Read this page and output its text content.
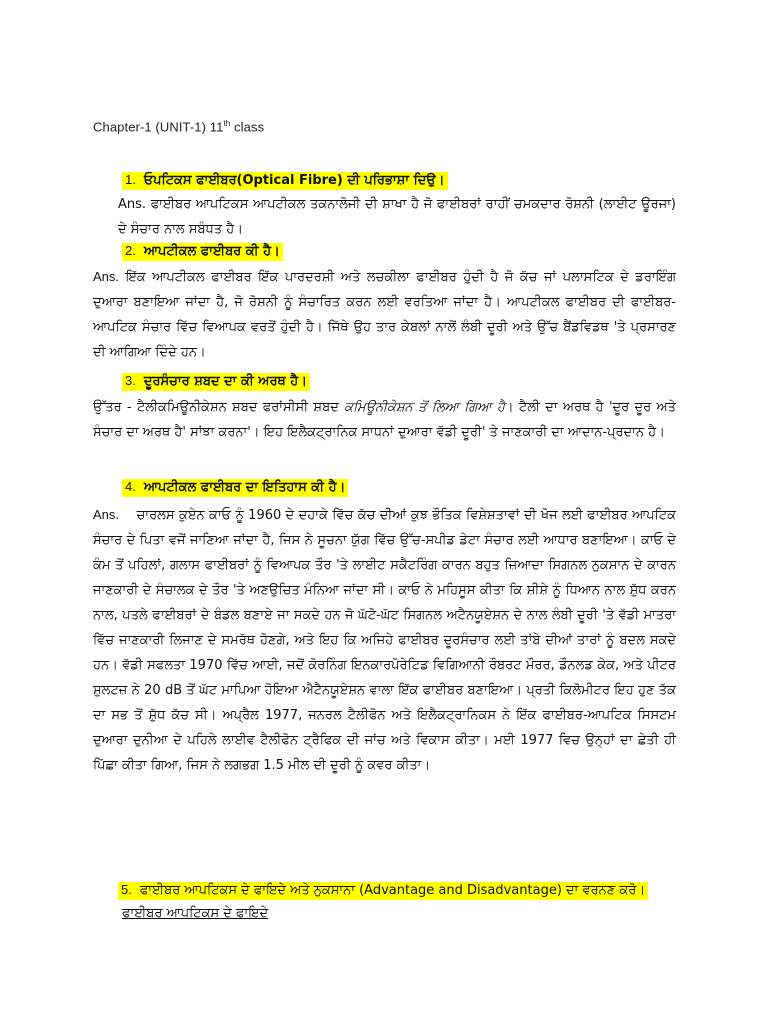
Chapter-1 (UNIT-1) 11th class
1. ਓਪਟਿਕਸ ਫਾਈਬਰ(Optical Fibre) ਦੀ ਪਰਿਭਾਸ਼ਾ ਦਿਉ।
Ans. ਫਾਈਬਰ ਆਪਟਿਕਸ ਆਪਟੀਕਲ ਤਕਨਾਲੋਜੀ ਦੀ ਸ਼ਾਖਾ ਹੈ ਜੋ ਫਾਈਬਰਾਂ ਰਾਹੀਂ ਚਮਕਦਾਰ ਰੋਸ਼ਨੀ (ਲਾਈਟ ਊਰਜਾ) ਦੇ ਸੰਚਾਰ ਨਾਲ ਸਬੰਧਤ ਹੈ।
2. ਆਪਟੀਕਲ ਫਾਈਬਰ ਕੀ ਹੈ।
Ans. ਇੱਕ ਆਪਟੀਕਲ ਫਾਈਬਰ ਇੱਕ ਪਾਰਦਰਸ਼ੀ ਅਤੇ ਲਚਕੀਲਾ ਫਾਈਬਰ ਹੁੰਦੀ ਹੈ ਜੋ ਕੱਚ ਜਾਂ ਪਲਾਸਟਿਕ ਦੇ ਡਰਾਇੰਗ ਦੁਆਰਾ ਬਣਾਇਆ ਜਾਂਦਾ ਹੈ, ਜੋ ਰੋਸ਼ਨੀ ਨੂੰ ਸੰਚਾਰਿਤ ਕਰਨ ਲਈ ਵਰਤਿਆ ਜਾਂਦਾ ਹੈ। ਆਪਟੀਕਲ ਫਾਈਬਰ ਦੀ ਫਾਈਬਰ-ਆਪਟਿਕ ਸੰਚਾਰ ਵਿੱਚ ਵਿਆਪਕ ਵਰਤੋਂ ਹੁੰਦੀ ਹੈ। ਜਿੱਥੇ ਉਹ ਤਾਰ ਕੇਬਲਾਂ ਨਾਲੋਂ ਲੰਬੀ ਦੂਰੀ ਅਤੇ ਉੱਚ ਬੈਂਡਵਿਡਥ 'ਤੇ ਪ੍ਰਸਾਰਣ ਦੀ ਆਗਿਆ ਦਿੰਦੇ ਹਨ।
3. ਦੂਰਸੰਚਾਰ ਸ਼ਬਦ ਦਾ ਕੀ ਅਰਥ ਹੈ।
ਉੱਤਰ - ਟੈਲੀਕਮਿਊਨੀਕੇਸ਼ਨ ਸ਼ਬਦ ਫਰਾਂਸੀਸੀ ਸ਼ਬਦ ਕਮਿਊਨੀਕੇਸ਼ਨ ਤੋਂ ਲਿਆ ਗਿਆ ਹੈ। ਟੈਲੀ ਦਾ ਅਰਥ ਹੈ 'ਦੂਰ ਦੂਰ ਅਤੇ ਸੰਚਾਰ ਦਾ ਅਰਥ ਹੈ' ਸਾਂਝਾ ਕਰਨਾ'। ਇਹ ਇਲੈਕਟ੍ਰਾਨਿਕ ਸਾਧਨਾਂ ਦੁਆਰਾ ਵੱਡੀ ਦੂਰੀ' ਤੇ ਜਾਣਕਾਰੀ ਦਾ ਆਦਾਨ-ਪ੍ਰਦਾਨ ਹੈ।
4. ਆਪਟੀਕਲ ਫਾਈਬਰ ਦਾ ਇਤਿਹਾਸ ਕੀ ਹੈ।
Ans. ਚਾਰਲਸ ਕੁਏਨ ਕਾਓ ਨੂੰ 1960 ਦੇ ਦਹਾਕੇ ਵਿੱਚ ਕੱਚ ਦੀਆਂ ਕੁਝ ਭੌਤਿਕ ਵਿਸ਼ੇਸ਼ਤਾਵਾਂ ਦੀ ਖੋਜ ਲਈ ਫਾਈਬਰ ਆਪਟਿਕ ਸੰਚਾਰ ਦੇ ਪਿਤਾ ਵਜੋਂ ਜਾਣਿਆ ਜਾਂਦਾ ਹੈ, ਜਿਸ ਨੇ ਸੂਚਨਾ ਯੁੱਗ ਵਿੱਚ ਉੱਚ-ਸਪੀਡ ਡੇਟਾ ਸੰਚਾਰ ਲਈ ਆਧਾਰ ਬਣਾਇਆ। ਕਾਓ ਦੇ ਕੰਮ ਤੋਂ ਪਹਿਲਾਂ, ਗਲਾਸ ਫਾਈਬਰਾਂ ਨੂੰ ਵਿਆਪਕ ਤੌਰ 'ਤੇ ਲਾਈਟ ਸਕੈਟਰਿੰਗ ਕਾਰਨ ਬਹੁਤ ਜ਼ਿਆਦਾ ਸਿਗਨਲ ਨੁਕਸਾਨ ਦੇ ਕਾਰਨ ਜਾਣਕਾਰੀ ਦੇ ਸੰਚਾਲਕ ਦੇ ਤੌਰ 'ਤੇ ਅਣਉਚਿਤ ਮੰਨਿਆ ਜਾਂਦਾ ਸੀ। ਕਾਓ ਨੇ ਮਹਿਸੂਸ ਕੀਤਾ ਕਿ ਸ਼ੀਸ਼ੇ ਨੂੰ ਧਿਆਨ ਨਾਲ ਸ਼ੁੱਧ ਕਰਨ ਨਾਲ, ਪਤਲੇ ਫਾਈਬਰਾਂ ਦੇ ਬੰਡਲ ਬਣਾਏ ਜਾ ਸਕਦੇ ਹਨ ਜੋ ਘੱਟੋ-ਘੱਟ ਸਿਗਨਲ ਅਟੈਨਯੂਏਸ਼ਨ ਦੇ ਨਾਲ ਲੰਬੀ ਦੂਰੀ 'ਤੇ ਵੱਡੀ ਮਾਤਰਾ ਵਿੱਚ ਜਾਣਕਾਰੀ ਲਿਜਾਣ ਦੇ ਸਮਰੱਥ ਹੋਣਗੇ, ਅਤੇ ਇਹ ਕਿ ਅਜਿਹੇ ਫਾਈਬਰ ਦੂਰਸੰਚਾਰ ਲਈ ਤਾਂਬੇ ਦੀਆਂ ਤਾਰਾਂ ਨੂੰ ਬਦਲ ਸਕਦੇ ਹਨ। ਵੱਡੀ ਸਫਲਤਾ 1970 ਵਿੱਚ ਆਈ, ਜਦੋਂ ਕੋਰਨਿੰਗ ਇਨਕਾਰਪੋਰੇਟਿਡ ਵਿਗਿਆਨੀ ਰੌਬਰਟ ਮੌਰਰ, ਡੌਨਲਡ ਕੇਕ, ਅਤੇ ਪੀਟਰ ਸ਼ੁਲਟਜ਼ ਨੇ 20 dB ਤੋਂ ਘੱਟ ਮਾਪਿਆ ਹੋਇਆ ਐਟੈਨਯੂਏਸ਼ਨ ਵਾਲਾ ਇੱਕ ਫਾਈਬਰ ਬਣਾਇਆ। ਪ੍ਰਤੀ ਕਿਲੋਮੀਟਰ ਇਹ ਹੁਣ ਤੱਕ ਦਾ ਸਭ ਤੋਂ ਸ਼ੁੱਧ ਕੱਚ ਸੀ। ਅਪ੍ਰੈਲ 1977, ਜਨਰਲ ਟੈਲੀਫੋਨ ਅਤੇ ਇਲੈਕਟ੍ਰਾਨਿਕਸ ਨੇ ਇੱਕ ਫਾਈਬਰ-ਆਪਟਿਕ ਸਿਸਟਮ ਦੁਆਰਾ ਦੁਨੀਆ ਦੇ ਪਹਿਲੇ ਲਾਈਵ ਟੈਲੀਫੋਨ ਟ੍ਰੈਫਿਕ ਦੀ ਜਾਂਚ ਅਤੇ ਵਿਕਾਸ ਕੀਤਾ। ਮਈ 1977 ਵਿਚ ਉਨ੍ਹਾਂ ਦਾ ਛੇਤੀ ਹੀ ਪਿੱਛਾ ਕੀਤਾ ਗਿਆ, ਜਿਸ ਨੇ ਲਗਭਗ 1.5 ਮੀਲ ਦੀ ਦੂਰੀ ਨੂੰ ਕਵਰ ਕੀਤਾ।
5. ਫਾਈਬਰ ਆਪਟਿਕਸ ਦੇ ਫਾਇਦੇ ਅਤੇ ਨੁਕਸਾਨਾ (Advantage and Disadvantage) ਦਾ ਵਰਨਣ ਕਰੋ।
ਫਾਈਬਰ ਆਪਟਿਕਸ ਦੇ ਫਾਇਦੇ
